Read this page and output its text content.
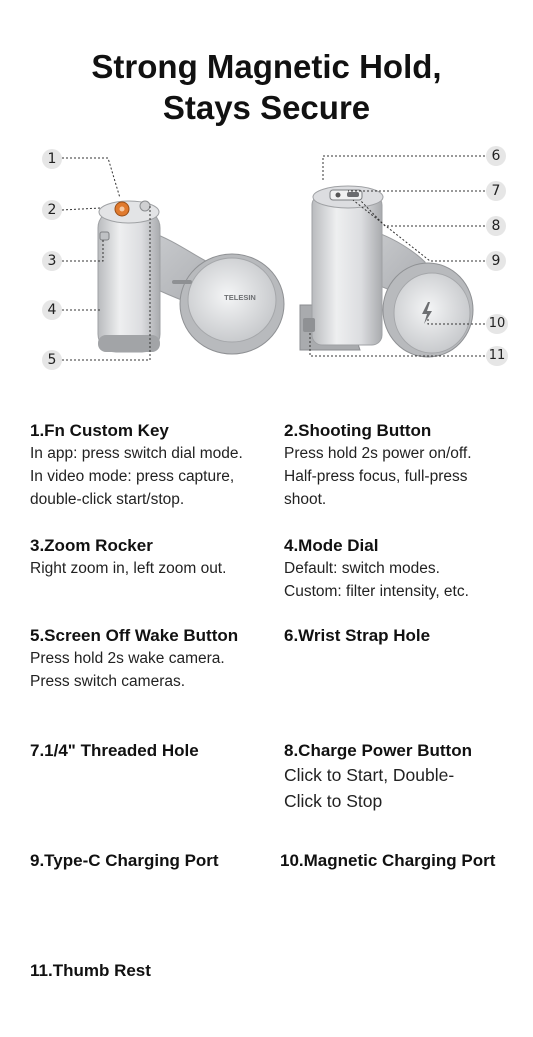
Strong Magnetic Hold,
Stays Secure
TELESIN
1
2
3
4
5
6
7
8
9
10
11
1.Fn Custom Key
In app: press switch dial mode.
In video mode: press capture,
double-click start/stop.
2.Shooting Button
Press hold 2s power on/off.
Half-press focus, full-press
shoot.
3.Zoom Rocker
Right zoom in, left zoom out.
4.Mode Dial
Default: switch modes.
Custom: filter intensity, etc.
5.Screen Off Wake Button
Press hold 2s wake camera.
Press switch cameras.
6.Wrist Strap Hole
7.1/4" Threaded Hole	8.Charge Power Button
Click to Start, Double-
Click to Stop
9.Type-C Charging Port	10.Magnetic Charging Port
11.Thumb Rest
